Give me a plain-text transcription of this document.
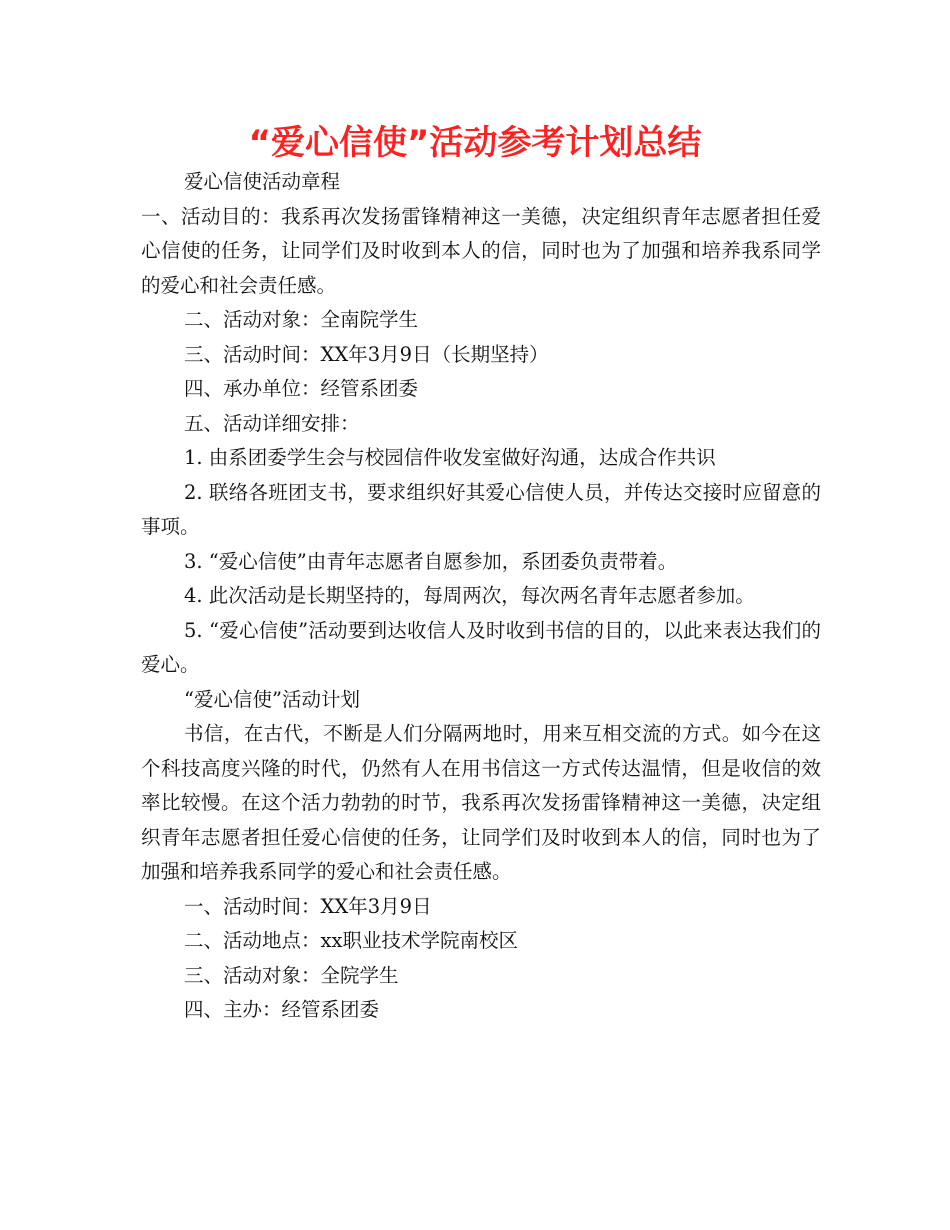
“爱心信使”活动参考计划总结

爱心信使活动章程

一、活动目的：我系再次发扬雷锋精神这一美德，决定组织青年志愿者担任爱心信使的任务，让同学们及时收到本人的信，同时也为了加强和培养我系同学的爱心和社会责任感。

二、活动对象：全南院学生

三、活动时间：XX年3月9日（长期坚持）

四、承办单位：经管系团委

五、活动详细安排：

1. 由系团委学生会与校园信件收发室做好沟通，达成合作共识

2. 联络各班团支书，要求组织好其爱心信使人员，并传达交接时应留意的事项。

3. “爱心信使”由青年志愿者自愿参加，系团委负责带着。

4. 此次活动是长期坚持的，每周两次，每次两名青年志愿者参加。

5. “爱心信使”活动要到达收信人及时收到书信的目的，以此来表达我们的爱心。

“爱心信使”活动计划

书信，在古代，不断是人们分隔两地时，用来互相交流的方式。如今在这个科技高度兴隆的时代，仍然有人在用书信这一方式传达温情，但是收信的效率比较慢。在这个活力勃勃的时节，我系再次发扬雷锋精神这一美德，决定组织青年志愿者担任爱心信使的任务，让同学们及时收到本人的信，同时也为了加强和培养我系同学的爱心和社会责任感。

一、活动时间：XX年3月9日

二、活动地点：xx职业技术学院南校区

三、活动对象：全院学生

四、主办：经管系团委
